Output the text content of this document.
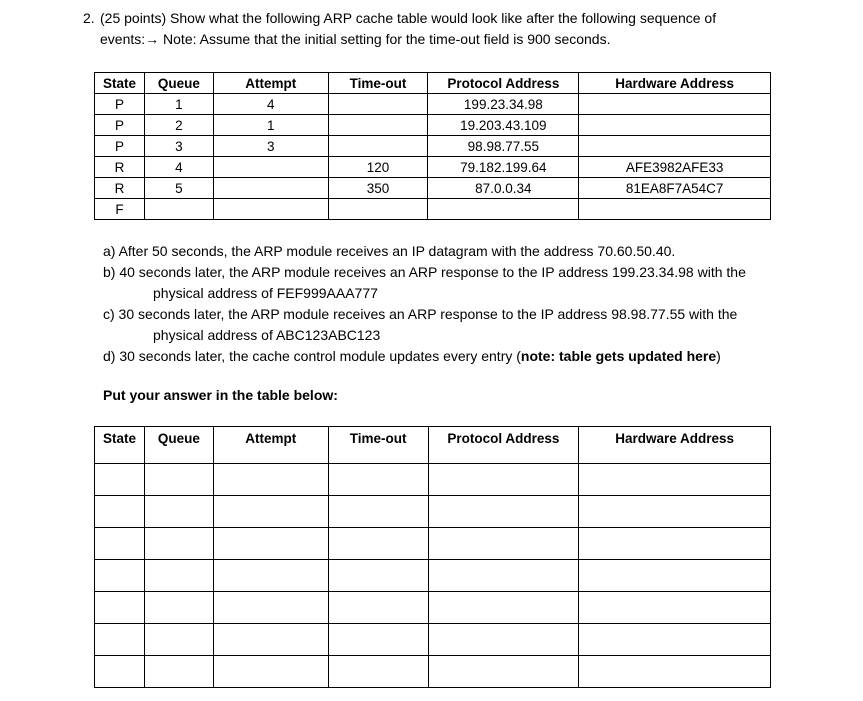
2. (25 points) Show what the following ARP cache table would look like after the following sequence of
events:→ Note: Assume that the initial setting for the time-out field is 900 seconds.
State	Queue	Attempt	Time-out	Protocol Address	Hardware Address
P	1	4		199.23.34.98	
P	2	1		19.203.43.109	
P	3	3		98.98.77.55	
R	4		120	79.182.199.64	AFE3982AFE33
R	5		350	87.0.0.34	81EA8F7A54C7
F					

a) After 50 seconds, the ARP module receives an IP datagram with the address 70.60.50.40.

b) 40 seconds later, the ARP module receives an ARP response to the IP address 199.23.34.98 with the

physical address of FEF999AAA777

c) 30 seconds later, the ARP module receives an ARP response to the IP address 98.98.77.55 with the

physical address of ABC123ABC123

d) 30 seconds later, the cache control module updates every entry (note: table gets updated here)

Put your answer in the table below:
State	Queue	Attempt	Time-out	Protocol Address	Hardware Address
